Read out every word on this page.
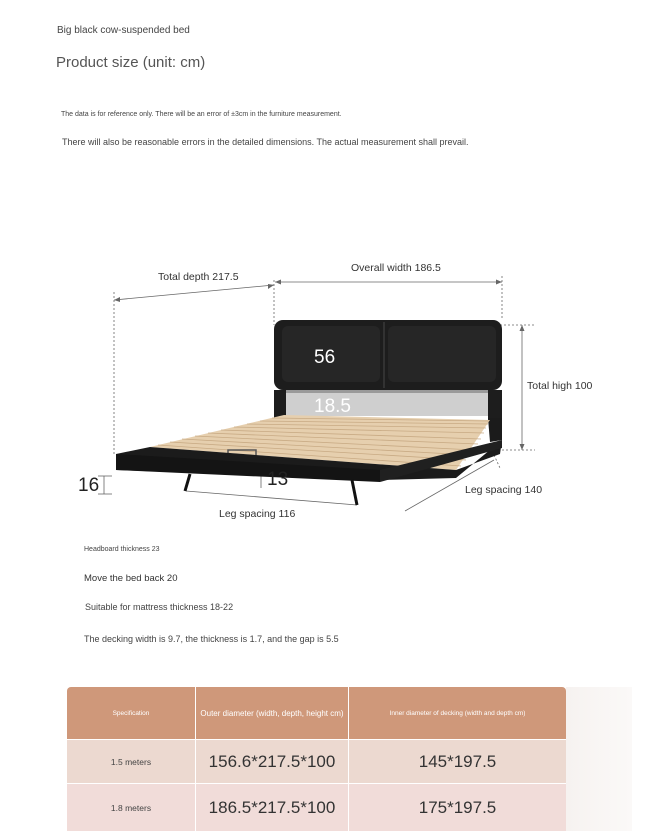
Big black cow-suspended bed
Product size (unit: cm)
The data is for reference only. There will be an error of ±3cm in the furniture measurement.
There will also be reasonable errors in the detailed dimensions. The actual measurement shall prevail.
Total depth 217.5
Overall width 186.5
Total high 100
56
18.5
13
16
Leg spacing 116
Leg spacing 140
Headboard thickness 23
Move the bed back 20
Suitable for mattress thickness 18-22
The decking width is 9.7, the thickness is 1.7, and the gap is 5.5
Specification	Outer diameter (width, depth, height cm)	Inner diameter of decking (width and depth cm)
1.5 meters	156.6*217.5*100	145*197.5
1.8 meters	186.5*217.5*100	175*197.5
